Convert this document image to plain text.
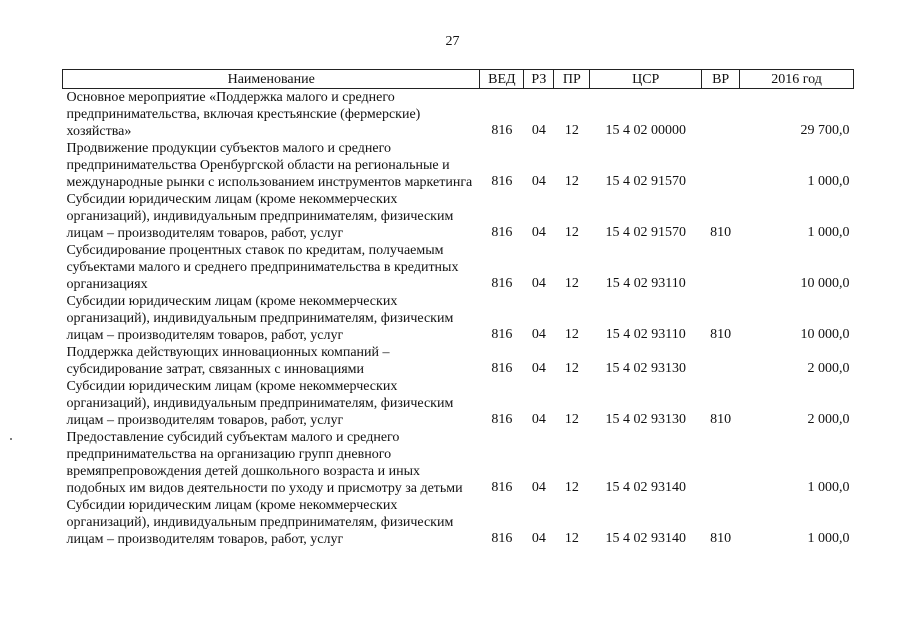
27
Наименование	ВЕД	РЗ	ПР	ЦСР	ВР	2016 год
Основное мероприятие «Поддержка малого и среднего предпринимательства, включая крестьянские (фермерские) хозяйства»	816	04	12	15 4 02 00000		29 700,0
Продвижение продукции субъектов малого и среднего предпринимательства Оренбургской области на региональные и международные рынки с использованием инструментов маркетинга	816	04	12	15 4 02 91570		1 000,0
Субсидии юридическим лицам (кроме некоммерческих организаций), индивидуальным предпринимателям, физическим лицам – производителям товаров, работ, услуг	816	04	12	15 4 02 91570	810	1 000,0
Субсидирование процентных ставок по кредитам, получаемым субъектами малого и среднего предпринимательства в кредитных организациях	816	04	12	15 4 02 93110		10 000,0
Субсидии юридическим лицам (кроме некоммерческих организаций), индивидуальным предпринимателям, физическим лицам – производителям товаров, работ, услуг	816	04	12	15 4 02 93110	810	10 000,0
Поддержка действующих инновационных компаний – субсидирование затрат, связанных с инновациями	816	04	12	15 4 02 93130		2 000,0
Субсидии юридическим лицам (кроме некоммерческих организаций), индивидуальным предпринимателям, физическим лицам – производителям товаров, работ, услуг	816	04	12	15 4 02 93130	810	2 000,0
Предоставление субсидий субъектам малого и среднего предпринимательства на организацию групп дневного времяпрепровождения детей дошкольного возраста и иных подобных им видов деятельности по уходу и присмотру за детьми	816	04	12	15 4 02 93140		1 000,0
Субсидии юридическим лицам (кроме некоммерческих организаций), индивидуальным предпринимателям, физическим лицам – производителям товаров, работ, услуг	816	04	12	15 4 02 93140	810	1 000,0
